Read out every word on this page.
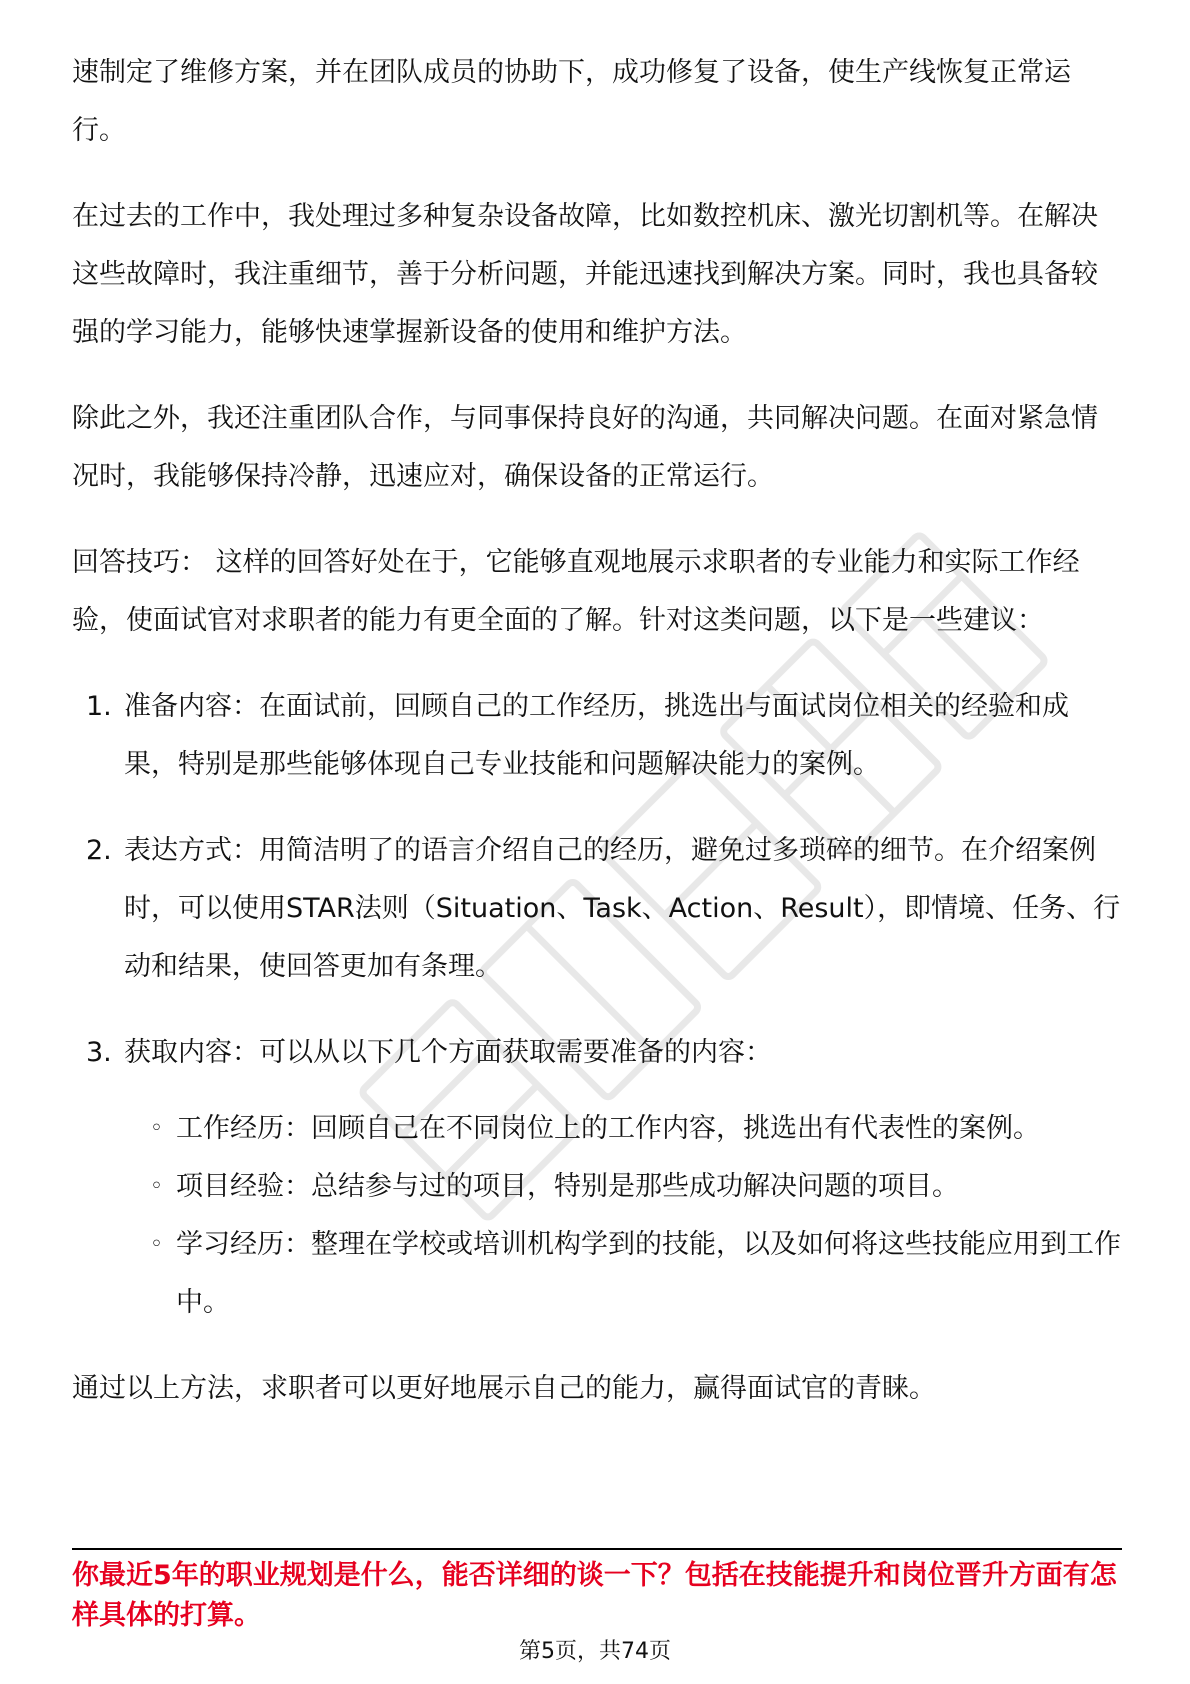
速制定了维修方案，并在团队成员的协助下，成功修复了设备，使生产线恢复正常运行。

在过去的工作中，我处理过多种复杂设备故障，比如数控机床、激光切割机等。在解决这些故障时，我注重细节，善于分析问题，并能迅速找到解决方案。同时，我也具备较强的学习能力，能够快速掌握新设备的使用和维护方法。

除此之外，我还注重团队合作，与同事保持良好的沟通，共同解决问题。在面对紧急情况时，我能够保持冷静，迅速应对，确保设备的正常运行。

回答技巧： 这样的回答好处在于，它能够直观地展示求职者的专业能力和实际工作经验，使面试官对求职者的能力有更全面的了解。针对这类问题，以下是一些建议：

1. 准备内容：在面试前，回顾自己的工作经历，挑选出与面试岗位相关的经验和成果，特别是那些能够体现自己专业技能和问题解决能力的案例。
2. 表达方式：用简洁明了的语言介绍自己的经历，避免过多琐碎的细节。在介绍案例时，可以使用STAR法则（Situation、Task、Action、Result），即情境、任务、行动和结果，使回答更加有条理。
3. 获取内容：可以从以下几个方面获取需要准备的内容：
◦ 工作经历：回顾自己在不同岗位上的工作内容，挑选出有代表性的案例。
◦ 项目经验：总结参与过的项目，特别是那些成功解决问题的项目。
◦ 学习经历：整理在学校或培训机构学到的技能，以及如何将这些技能应用到工作中。

通过以上方法，求职者可以更好地展示自己的能力，赢得面试官的青睐。

你最近5年的职业规划是什么，能否详细的谈一下？包括在技能提升和岗位晋升方面有怎样具体的打算。
第5页，共74页
